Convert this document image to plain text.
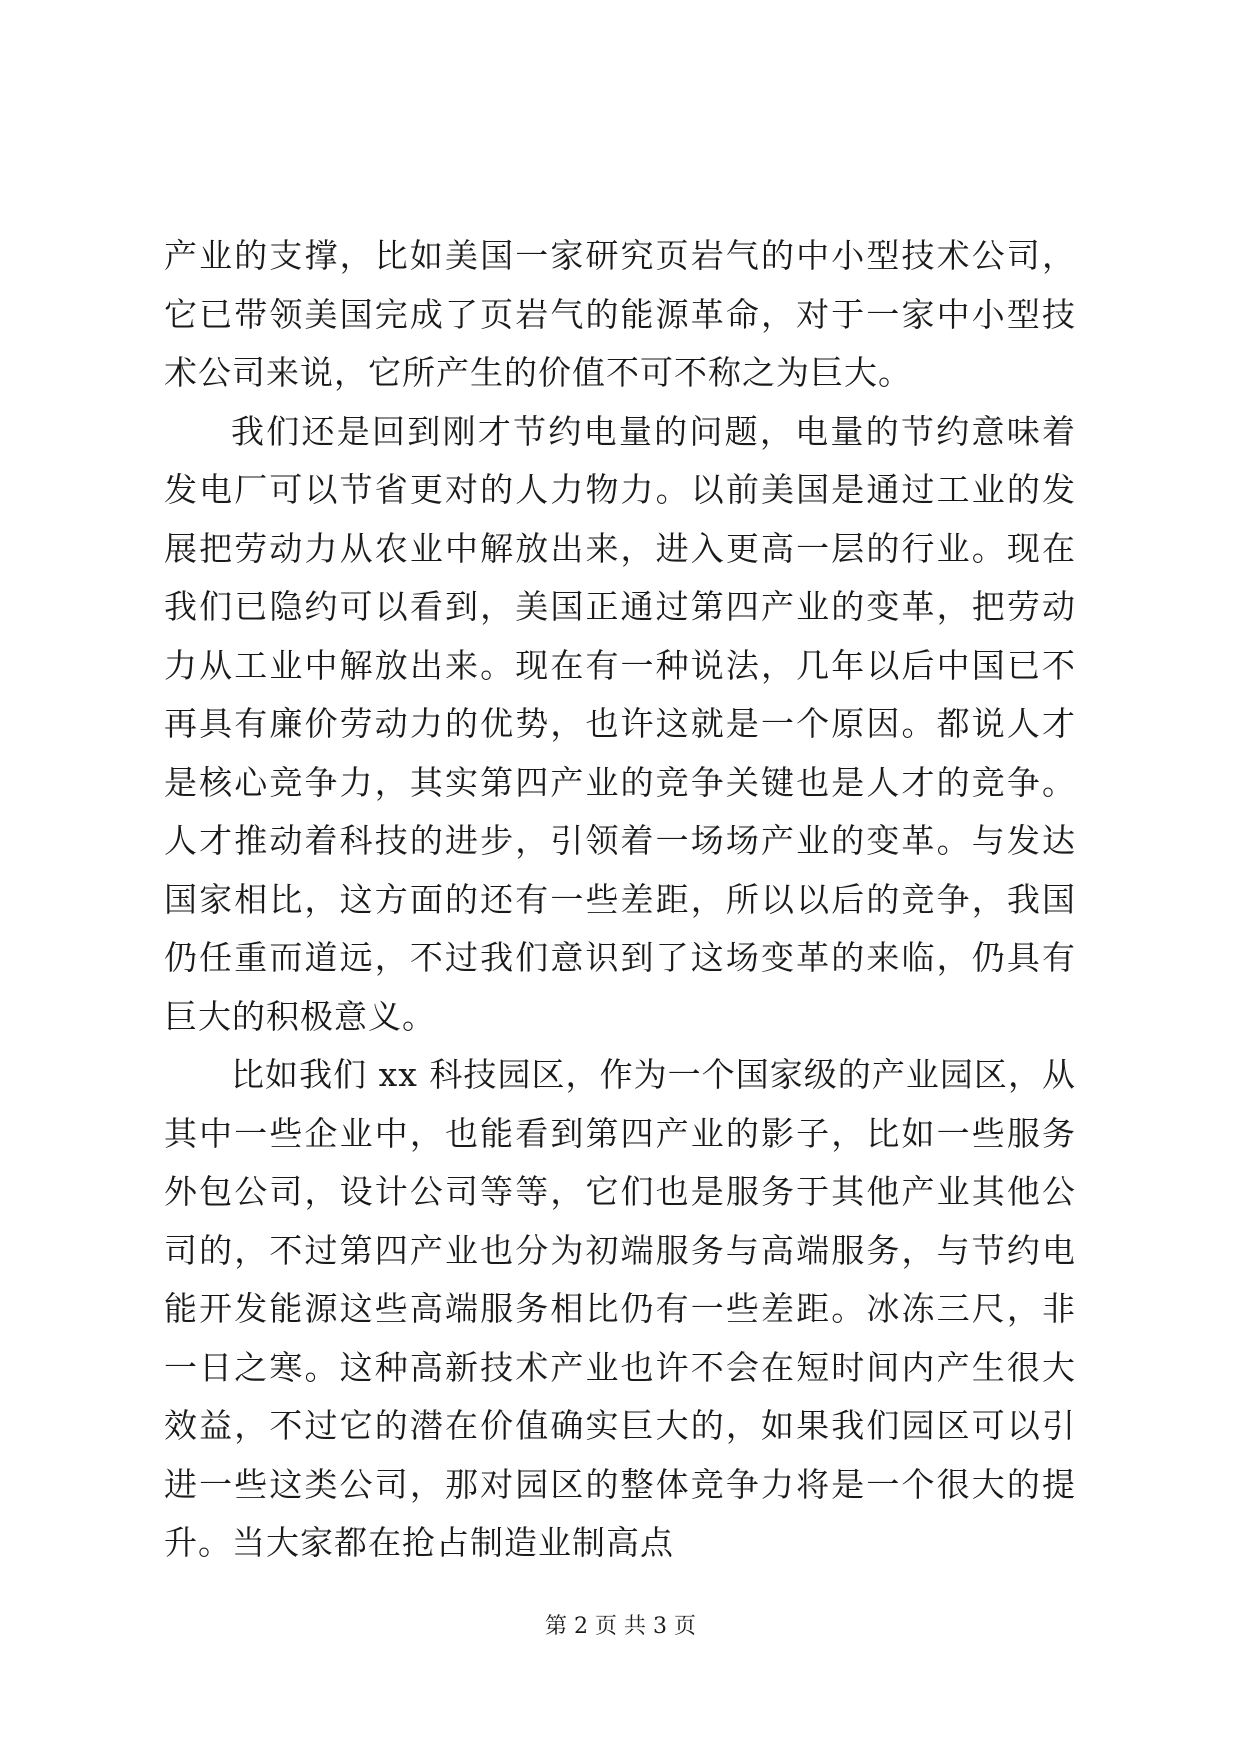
产业的支撑，比如美国一家研究页岩气的中小型技术公司，它已带领美国完成了页岩气的能源革命，对于一家中小型技术公司来说，它所产生的价值不可不称之为巨大。

我们还是回到刚才节约电量的问题，电量的节约意味着发电厂可以节省更对的人力物力。以前美国是通过工业的发展把劳动力从农业中解放出来，进入更高一层的行业。现在我们已隐约可以看到，美国正通过第四产业的变革，把劳动力从工业中解放出来。现在有一种说法，几年以后中国已不再具有廉价劳动力的优势，也许这就是一个原因。都说人才是核心竞争力，其实第四产业的竞争关键也是人才的竞争。人才推动着科技的进步，引领着一场场产业的变革。与发达国家相比，这方面的还有一些差距，所以以后的竞争，我国仍任重而道远，不过我们意识到了这场变革的来临，仍具有巨大的积极意义。

比如我们 xx 科技园区，作为一个国家级的产业园区，从其中一些企业中，也能看到第四产业的影子，比如一些服务外包公司，设计公司等等，它们也是服务于其他产业其他公司的，不过第四产业也分为初端服务与高端服务，与节约电能开发能源这些高端服务相比仍有一些差距。冰冻三尺，非一日之寒。这种高新技术产业也许不会在短时间内产生很大效益，不过它的潜在价值确实巨大的，如果我们园区可以引进一些这类公司，那对园区的整体竞争力将是一个很大的提升。当大家都在抢占制造业制高点

第 2 页 共 3 页
